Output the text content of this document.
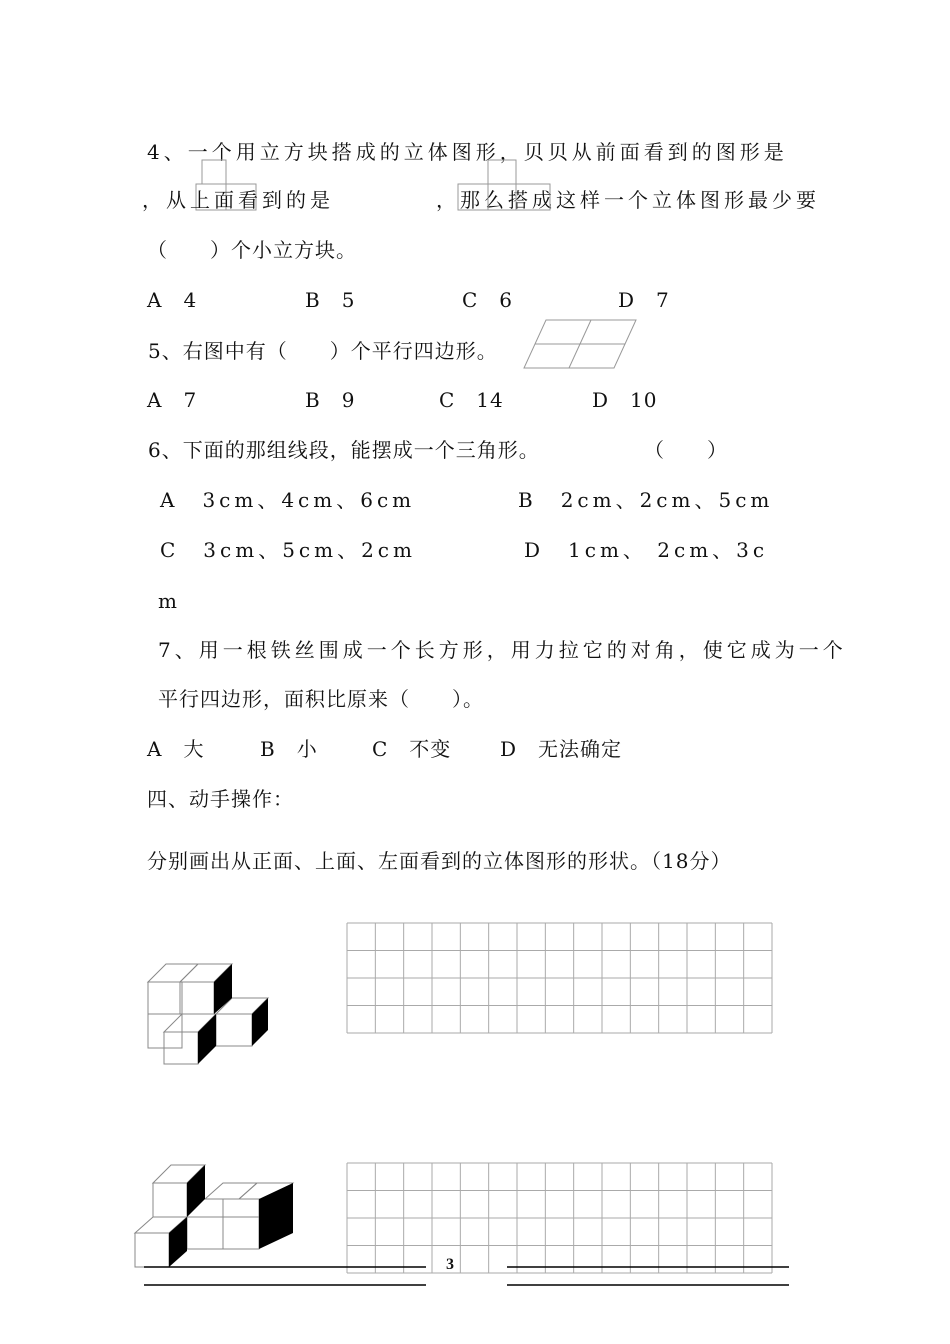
4、一个用立方块搭成的立体图形，贝贝从前面看到的图形是
，从上面看到的是	，那么搭成这样一个立体图形最少要
（　　）个小立方块。
A　4	B　5	C　6	D　7
5、右图中有（　　）个平行四边形。
A　7	B　9	C　14	D　10
6、下面的那组线段，能摆成一个三角形。	（　　）
A　3cm、4cm、6cm	B　2cm、2cm、5cm
C　3cm、5cm、2cm	D　1cm、 2cm、3c
m
7、用一根铁丝围成一个长方形，用力拉它的对角，使它成为一个
平行四边形，面积比原来（　　）。
A　大	B　小	C　不变 D　无法确定
四、动手操作：
分别画出从正面、上面、左面看到的立体图形的形状。（18分）
3
